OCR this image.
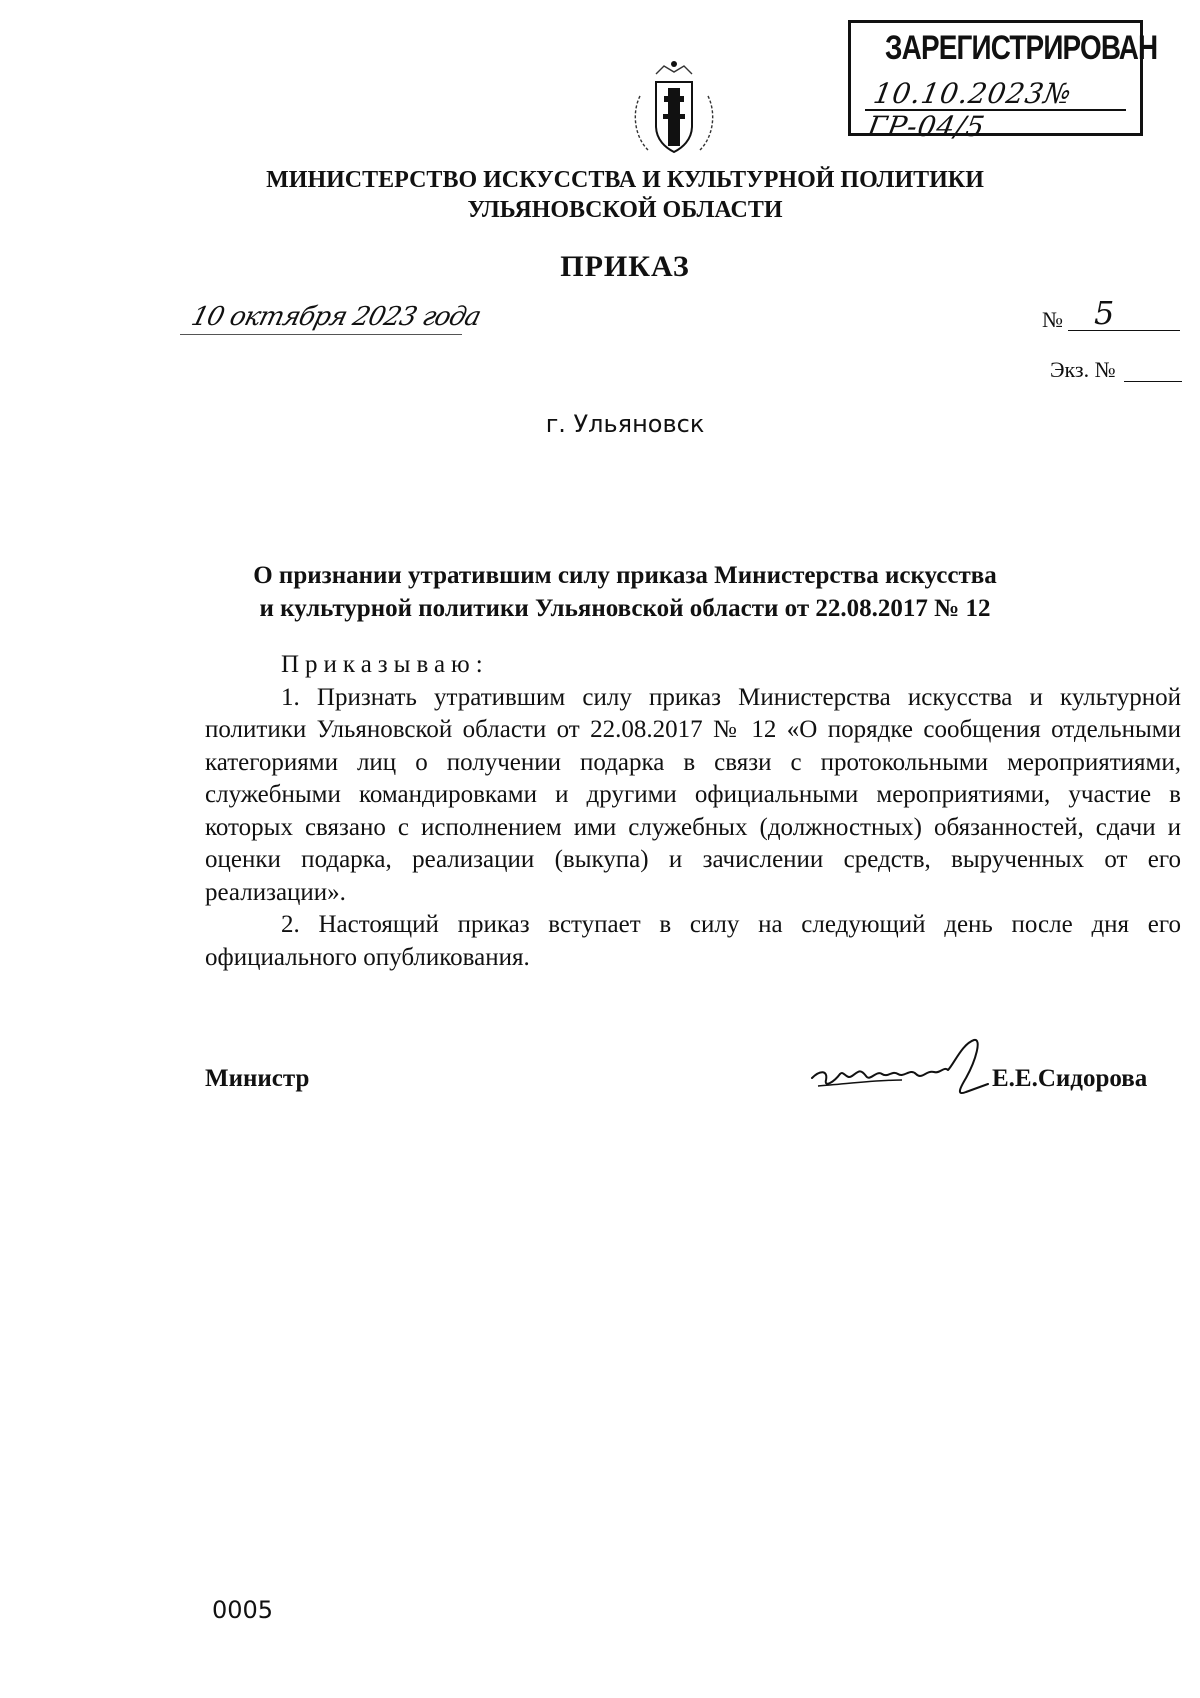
ЗАРЕГИСТРИРОВАН
10.10.2023№ ГР-04/5
МИНИСТЕРСТВО ИСКУССТВА И КУЛЬТУРНОЙ ПОЛИТИКИ
УЛЬЯНОВСКОЙ ОБЛАСТИ
ПРИКАЗ
10 октября 2023 года	№ 5
Экз. №
г. Ульяновск
О признании утратившим силу приказа Министерства искусства
и культурной политики Ульяновской области от 22.08.2017 № 12
Приказываю:

1. Признать утратившим силу приказ Министерства искусства и культурной политики Ульяновской области от 22.08.2017 № 12 «О порядке сообщения отдельными категориями лиц о получении подарка в связи с протокольными мероприятиями, служебными командировками и другими официальными мероприятиями, участие в которых связано с исполнением ими служебных (должностных) обязанностей, сдачи и оценки подарка, реализации (выкупа) и зачислении средств, вырученных от его реализации».

2. Настоящий приказ вступает в силу на следующий день после дня его официального опубликования.

Министр	Е.Е.Сидорова
0005
